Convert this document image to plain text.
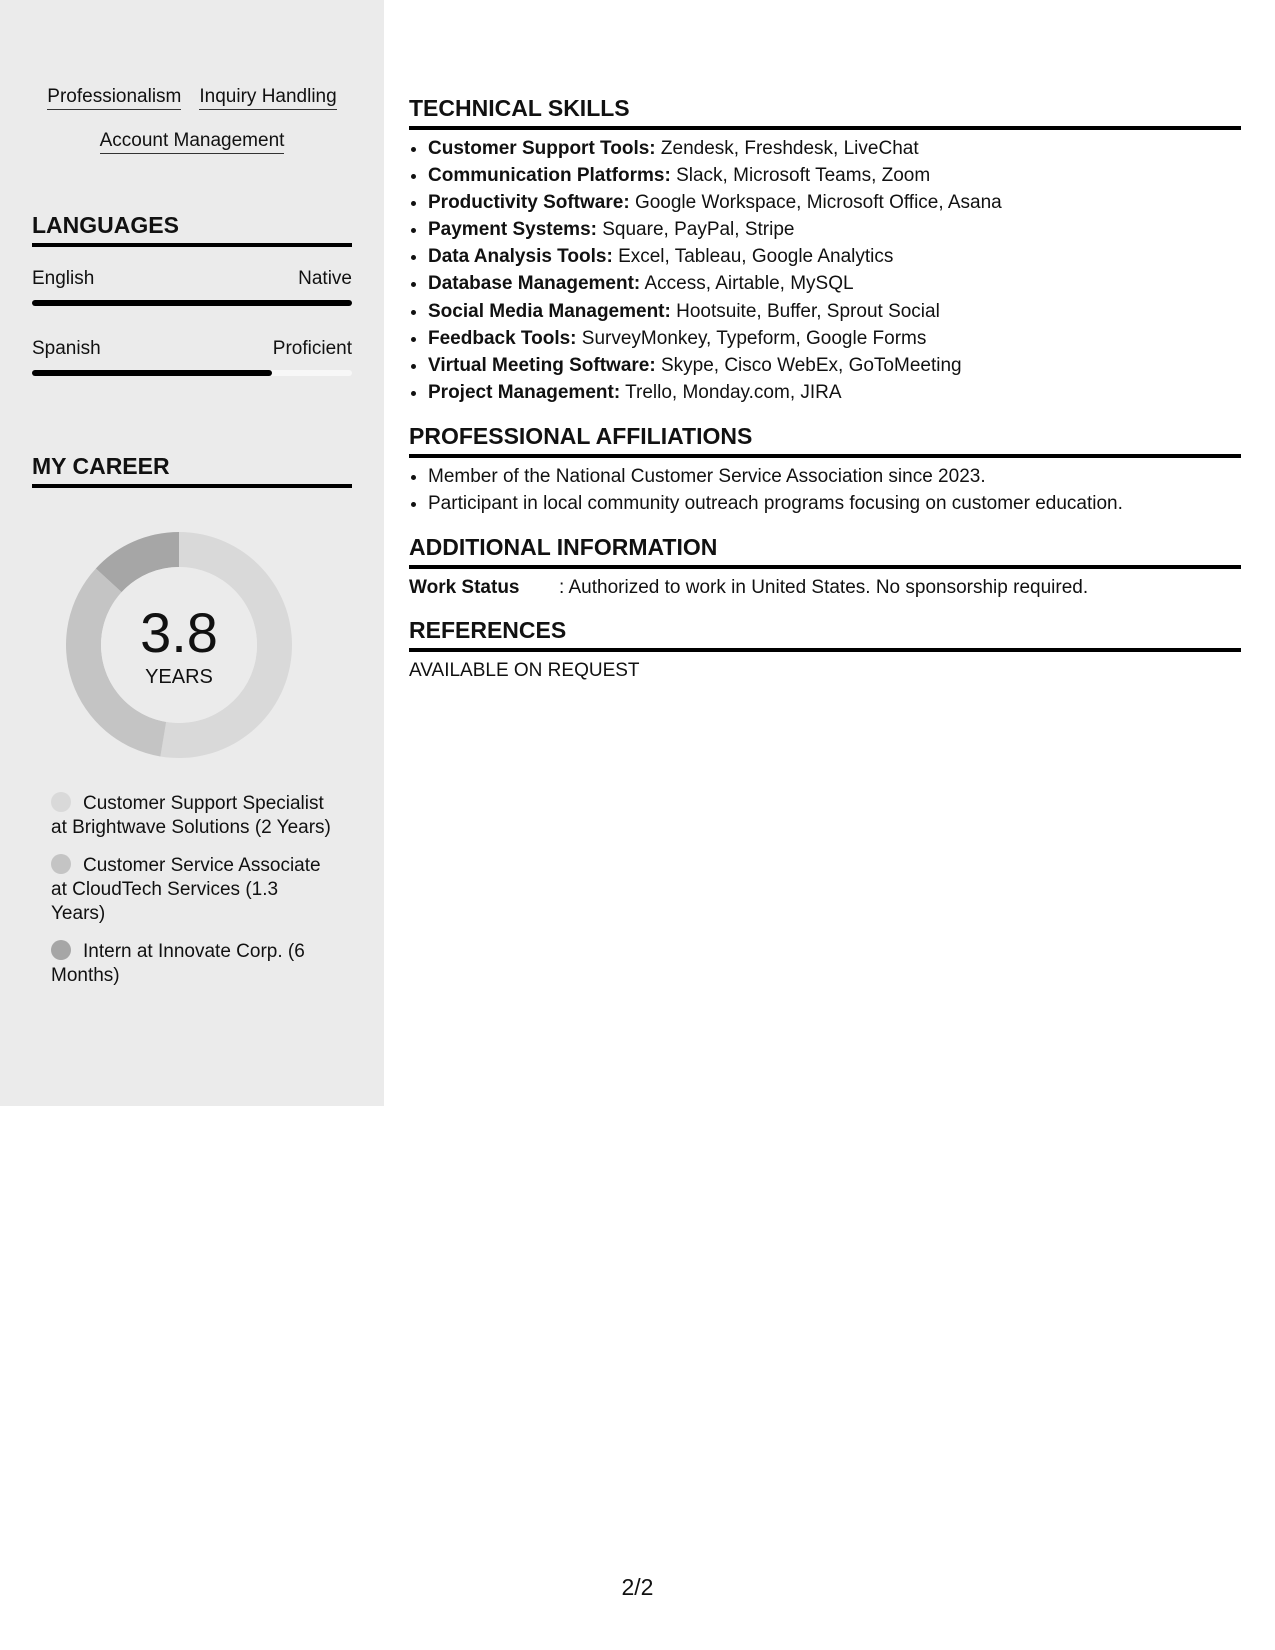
Professionalism Inquiry Handling
Account Management
LANGUAGES
English	Native
Spanish	Proficient
MY CAREER
3.8
YEARS
Customer Support Specialist at Brightwave Solutions (2 Years)
Customer Service Associate at CloudTech Services (1.3 Years)
Intern at Innovate Corp. (6 Months)
TECHNICAL SKILLS
• Customer Support Tools: Zendesk, Freshdesk, LiveChat
• Communication Platforms: Slack, Microsoft Teams, Zoom
• Productivity Software: Google Workspace, Microsoft Office, Asana
• Payment Systems: Square, PayPal, Stripe
• Data Analysis Tools: Excel, Tableau, Google Analytics
• Database Management: Access, Airtable, MySQL
• Social Media Management: Hootsuite, Buffer, Sprout Social
• Feedback Tools: SurveyMonkey, Typeform, Google Forms
• Virtual Meeting Software: Skype, Cisco WebEx, GoToMeeting
• Project Management: Trello, Monday.com, JIRA
PROFESSIONAL AFFILIATIONS
• Member of the National Customer Service Association since 2023.
• Participant in local community outreach programs focusing on customer education.
ADDITIONAL INFORMATION
Work Status	: Authorized to work in United States. No sponsorship required.
REFERENCES
AVAILABLE ON REQUEST
2/2
